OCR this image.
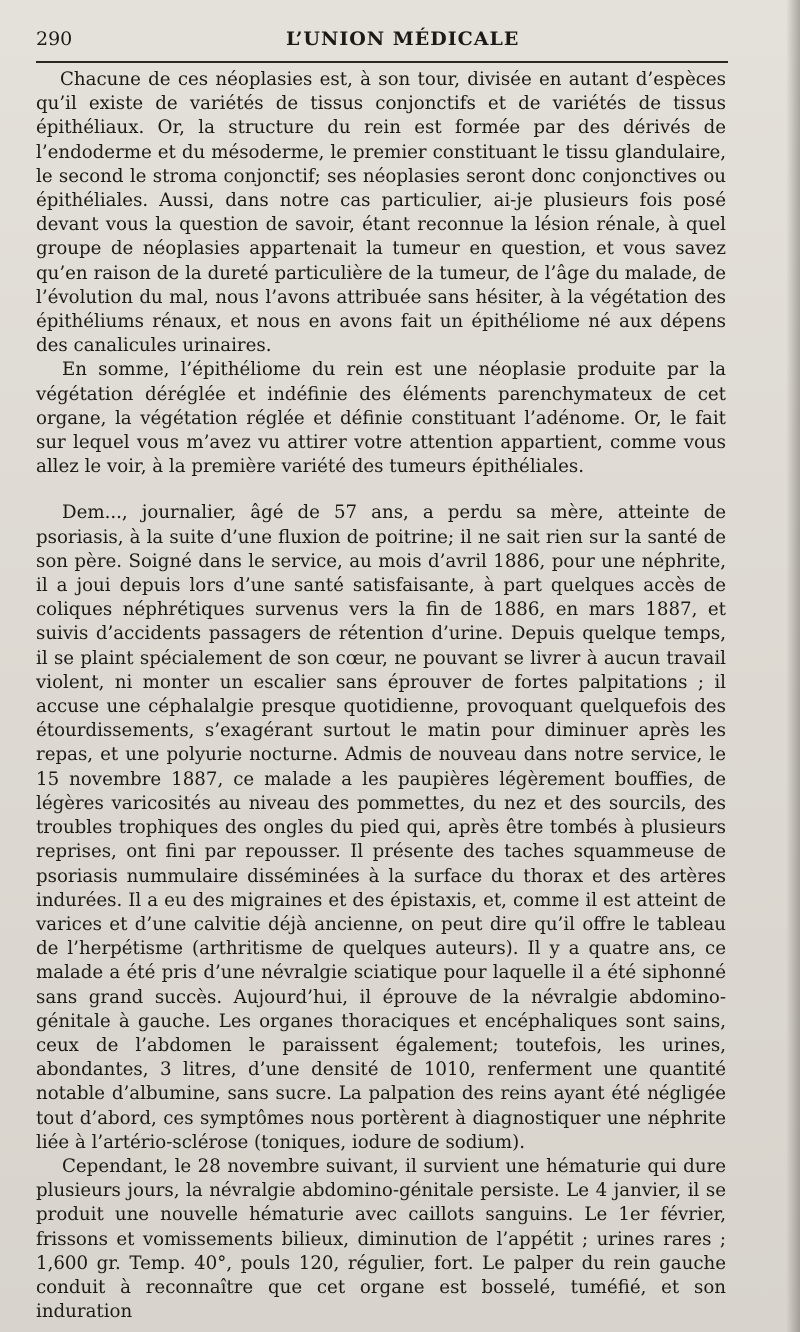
290	L’UNION MÉDICALE

Chacune de ces néoplasies est, à son tour, divisée en autant d’espèces qu’il existe de variétés de tissus conjonctifs et de variétés de tissus épithéliaux. Or, la structure du rein est formée par des dérivés de l’endoderme et du mésoderme, le premier constituant le tissu glandulaire, le second le stroma conjonctif; ses néoplasies seront donc conjonctives ou épithéliales. Aussi, dans notre cas particulier, ai-je plusieurs fois posé devant vous la question de savoir, étant reconnue la lésion rénale, à quel groupe de néoplasies appartenait la tumeur en question, et vous savez qu’en raison de la dureté particulière de la tumeur, de l’âge du malade, de l’évolution du mal, nous l’avons attribuée sans hésiter, à la végétation des épithéliums rénaux, et nous en avons fait un épithéliome né aux dépens des canalicules urinaires.

En somme, l’épithéliome du rein est une néoplasie produite par la végétation déréglée et indéfinie des éléments parenchymateux de cet organe, la végétation réglée et définie constituant l’adénome. Or, le fait sur lequel vous m’avez vu attirer votre attention appartient, comme vous allez le voir, à la première variété des tumeurs épithéliales.

Dem..., journalier, âgé de 57 ans, a perdu sa mère, atteinte de psoriasis, à la suite d’une fluxion de poitrine; il ne sait rien sur la santé de son père. Soigné dans le service, au mois d’avril 1886, pour une néphrite, il a joui depuis lors d’une santé satisfaisante, à part quelques accès de coliques néphrétiques survenus vers la fin de 1886, en mars 1887, et suivis d’accidents passagers de rétention d’urine. Depuis quelque temps, il se plaint spécialement de son cœur, ne pouvant se livrer à aucun travail violent, ni monter un escalier sans éprouver de fortes palpitations ; il accuse une céphalalgie presque quotidienne, provoquant quelquefois des étourdissements, s’exagérant surtout le matin pour diminuer après les repas, et une polyurie nocturne. Admis de nouveau dans notre service, le 15 novembre 1887, ce malade a les paupières légèrement bouffies, de légères varicosités au niveau des pommettes, du nez et des sourcils, des troubles trophiques des ongles du pied qui, après être tombés à plusieurs reprises, ont fini par repousser. Il présente des taches squammeuse de psoriasis nummulaire disséminées à la surface du thorax et des artères indurées. Il a eu des migraines et des épistaxis, et, comme il est atteint de varices et d’une calvitie déjà ancienne, on peut dire qu’il offre le tableau de l’herpétisme (arthritisme de quelques auteurs). Il y a quatre ans, ce malade a été pris d’une névralgie sciatique pour laquelle il a été siphonné sans grand succès. Aujourd’hui, il éprouve de la névralgie abdomino-génitale à gauche. Les organes thoraciques et encéphaliques sont sains, ceux de l’abdomen le paraissent également; toutefois, les urines, abondantes, 3 litres, d’une densité de 1010, renferment une quantité notable d’albumine, sans sucre. La palpation des reins ayant été négligée tout d’abord, ces symptômes nous portèrent à diagnostiquer une néphrite liée à l’artério-sclérose (toniques, iodure de sodium).

Cependant, le 28 novembre suivant, il survient une hématurie qui dure plusieurs jours, la névralgie abdomino-génitale persiste. Le 4 janvier, il se produit une nouvelle hématurie avec caillots sanguins. Le 1er février, frissons et vomissements bilieux, diminution de l’appétit ; urines rares ; 1,600 gr. Temp. 40°, pouls 120, régulier, fort. Le palper du rein gauche conduit à reconnaître que cet organe est bosselé, tuméfié, et son induration
